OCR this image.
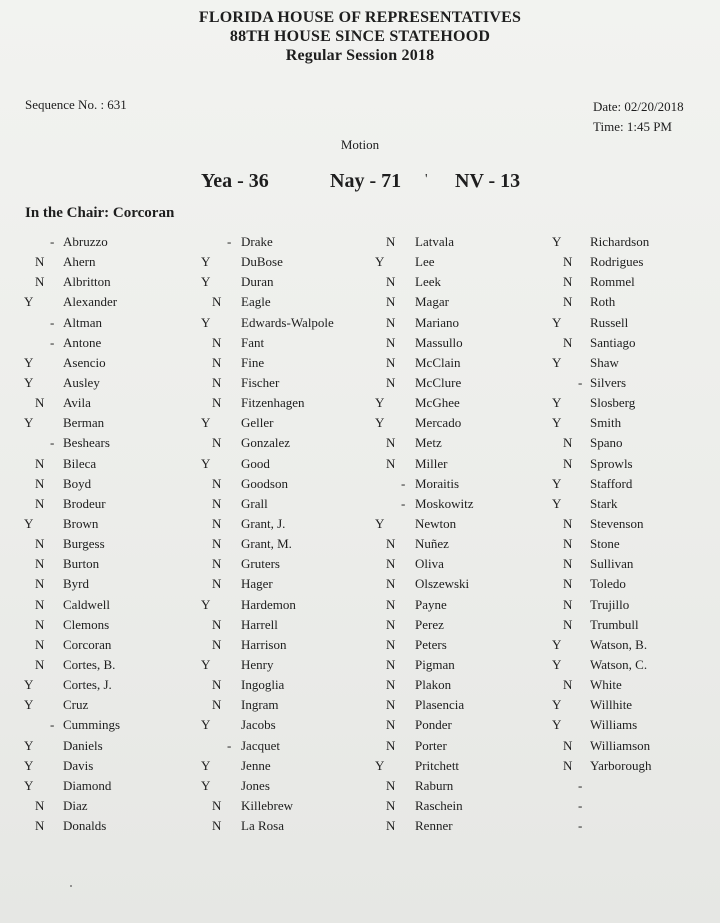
FLORIDA HOUSE OF REPRESENTATIVES
88TH HOUSE SINCE STATEHOOD
Regular Session 2018
Sequence No. : 631	Date: 02/20/2018
Time: 1:45 PM
Motion
Yea - 36	Nay - 71 ' NV - 13
In the Chair: Corcoran
- Abruzzo
N Ahern
N Albritton
Y Alexander
- Altman
- Antone
Y Asencio
Y Ausley
N Avila
Y Berman
- Beshears
N Bileca
N Boyd
N Brodeur
Y Brown
N Burgess
N Burton
N Byrd
N Caldwell
N Clemons
N Corcoran
N Cortes, B.
Y Cortes, J.
Y Cruz
- Cummings
Y Daniels
Y Davis
Y Diamond
N Diaz
N Donalds
- Drake
Y DuBose
Y Duran
N Eagle
Y Edwards-Walpole
N Fant
N Fine
N Fischer
N Fitzenhagen
Y Geller
N Gonzalez
Y Good
N Goodson
N Grall
N Grant, J.
N Grant, M.
N Gruters
N Hager
Y Hardemon
N Harrell
N Harrison
Y Henry
N Ingoglia
N Ingram
Y Jacobs
- Jacquet
Y Jenne
Y Jones
N Killebrew
N La Rosa
N Latvala
Y Lee
N Leek
N Magar
N Mariano
N Massullo
N McClain
N McClure
Y McGhee
Y Mercado
N Metz
N Miller
- Moraitis
- Moskowitz
Y Newton
N Nuñez
N Oliva
N Olszewski
N Payne
N Perez
N Peters
N Pigman
N Plakon
N Plasencia
N Ponder
N Porter
Y Pritchett
N Raburn
N Raschein
N Renner
Y Richardson
N Rodrigues
N Rommel
N Roth
Y Russell
N Santiago
Y Shaw
- Silvers
Y Slosberg
Y Smith
N Spano
N Sprowls
Y Stafford
Y Stark
N Stevenson
N Stone
N Sullivan
N Toledo
N Trujillo
N Trumbull
Y Watson, B.
Y Watson, C.
N White
Y Willhite
Y Williams
N Williamson
N Yarborough
-
-
-
